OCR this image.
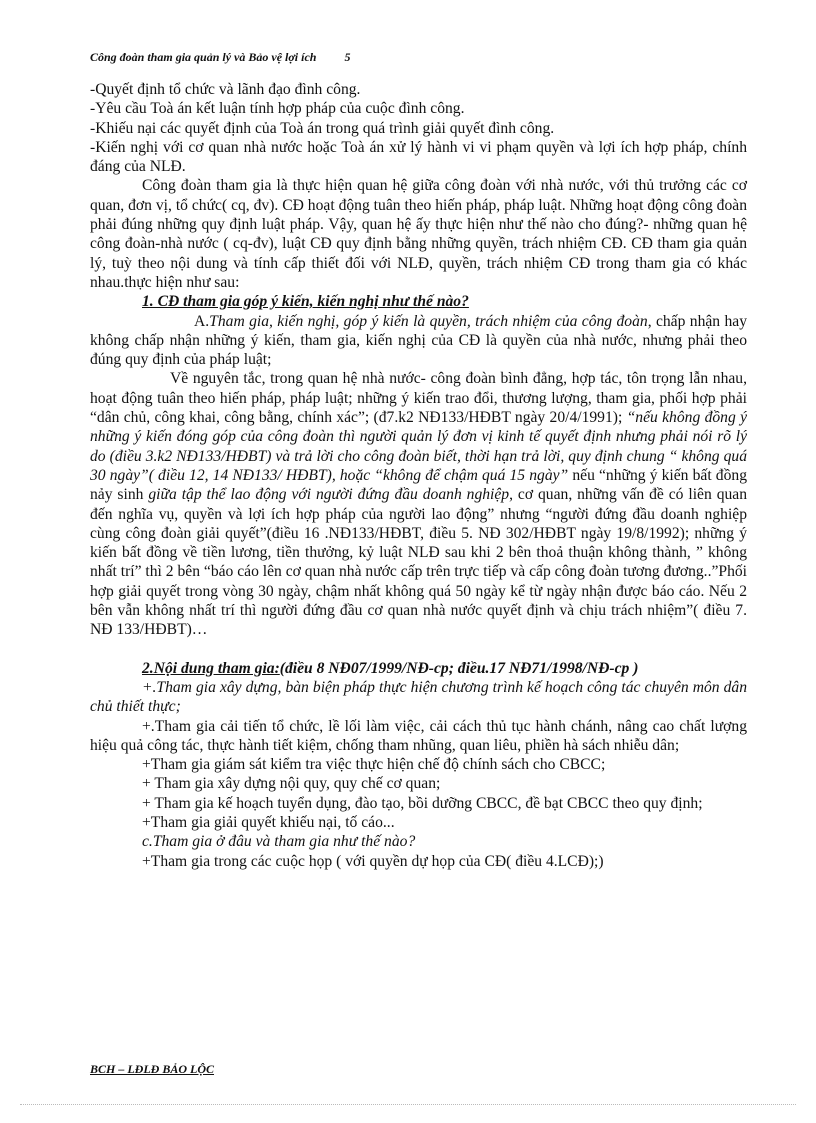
Công đoàn tham gia quản lý và Bảo vệ lợi ích 5

-Quyết định tổ chức và lãnh đạo đình công.

-Yêu cầu Toà án kết luận tính hợp pháp của cuộc đình công.

-Khiếu nại các quyết định của Toà án trong quá trình giải quyết đình công.

-Kiến nghị với cơ quan nhà nước hoặc Toà án xử lý hành vi vi phạm quyền và lợi ích hợp pháp, chính đáng của NLĐ.

Công đoàn tham gia là thực hiện quan hệ giữa công đoàn với nhà nước, với thủ trưởng các cơ quan, đơn vị, tổ chức( cq, đv). CĐ hoạt động tuân theo hiến pháp, pháp luật. Những hoạt động công đoàn phải đúng những quy định luật pháp. Vậy, quan hệ ấy thực hiện như thế nào cho đúng?- những quan hệ công đoàn-nhà nước ( cq-đv), luật CĐ quy định bằng những quyền, trách nhiệm CĐ. CĐ tham gia quản lý, tuỳ theo nội dung và tính cấp thiết đối với NLĐ, quyền, trách nhiệm CĐ trong tham gia có khác nhau.thực hiện như sau:

1. CĐ tham gia góp ý kiến, kiến nghị như thế nào?

A.Tham gia, kiến nghị, góp ý kiến là quyền, trách nhiệm của công đoàn, chấp nhận hay không chấp nhận những ý kiến, tham gia, kiến nghị của CĐ là quyền của nhà nước, nhưng phải theo đúng quy định của pháp luật;

Về nguyên tắc, trong quan hệ nhà nước- công đoàn bình đẳng, hợp tác, tôn trọng lẫn nhau, hoạt động tuân theo hiến pháp, pháp luật; những ý kiến trao đổi, thương lượng, tham gia, phối hợp phải “dân chủ, công khai, công bằng, chính xác”; (đ7.k2 NĐ133/HĐBT ngày 20/4/1991); “nếu không đồng ý những ý kiến đóng góp của công đoàn thì người quản lý đơn vị kinh tế quyết định nhưng phải nói rõ lý do (điều 3.k2 NĐ133/HĐBT) và trả lời cho công đoàn biết, thời hạn trả lời, quy định chung “ không quá 30 ngày”( điều 12, 14 NĐ133/ HĐBT), hoặc “không để chậm quá 15 ngày” nếu “những ý kiến bất đồng nảy sinh giữa tập thể lao động với người đứng đầu doanh nghiệp, cơ quan, những vấn đề có liên quan đến nghĩa vụ, quyền và lợi ích hợp pháp của người lao động” nhưng “người đứng đầu doanh nghiệp cùng công đoàn giải quyết”(điều 16 .NĐ133/HĐBT, điều 5. NĐ 302/HĐBT ngày 19/8/1992); những ý kiến bất đồng về tiền lương, tiền thưởng, kỷ luật NLĐ sau khi 2 bên thoả thuận không thành, ” không nhất trí” thì 2 bên “báo cáo lên cơ quan nhà nước cấp trên trực tiếp và cấp công đoàn tương đương..”Phối hợp giải quyết trong vòng 30 ngày, chậm nhất không quá 50 ngày kể từ ngày nhận được báo cáo. Nếu 2 bên vẫn không nhất trí thì người đứng đầu cơ quan nhà nước quyết định và chịu trách nhiệm”( điều 7. NĐ 133/HĐBT)…

2.Nội dung tham gia:(điều 8 NĐ07/1999/NĐ-cp; điều.17 NĐ71/1998/NĐ-cp )

+.Tham gia xây dựng, bàn biện pháp thực hiện chương trình kế hoạch công tác chuyên môn dân chủ thiết thực;

+.Tham gia cải tiến tổ chức, lề lối làm việc, cải cách thủ tục hành chánh, nâng cao chất lượng hiệu quả công tác, thực hành tiết kiệm, chống tham nhũng, quan liêu, phiền hà sách nhiễu dân;

+Tham gia giám sát kiểm tra việc thực hiện chế độ chính sách cho CBCC;

+ Tham gia xây dựng nội quy, quy chế cơ quan;

+ Tham gia kế hoạch tuyển dụng, đào tạo, bồi dưỡng CBCC, đề bạt CBCC theo quy định;

+Tham gia giải quyết khiếu nại, tố cáo...

c.Tham gia ở đâu và tham gia như thế nào?

+Tham gia trong các cuộc họp ( với quyền dự họp của CĐ( điều 4.LCĐ);)

BCH – LĐLĐ BẢO LỘC
